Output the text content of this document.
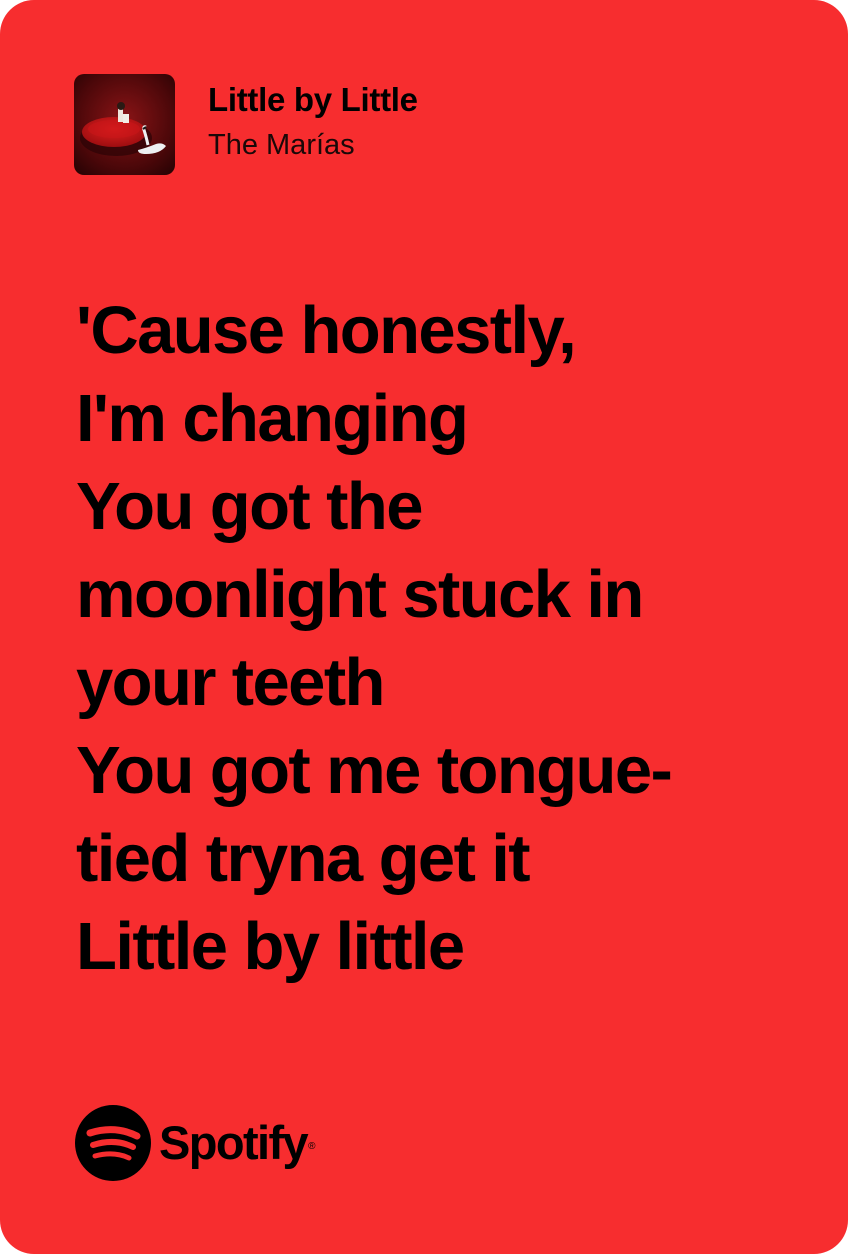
Little by Little
The Marías
'Cause honestly,
I'm changing
You got the
moonlight stuck in
your teeth
You got me tongue-
tied tryna get it
Little by little
Spotify®
